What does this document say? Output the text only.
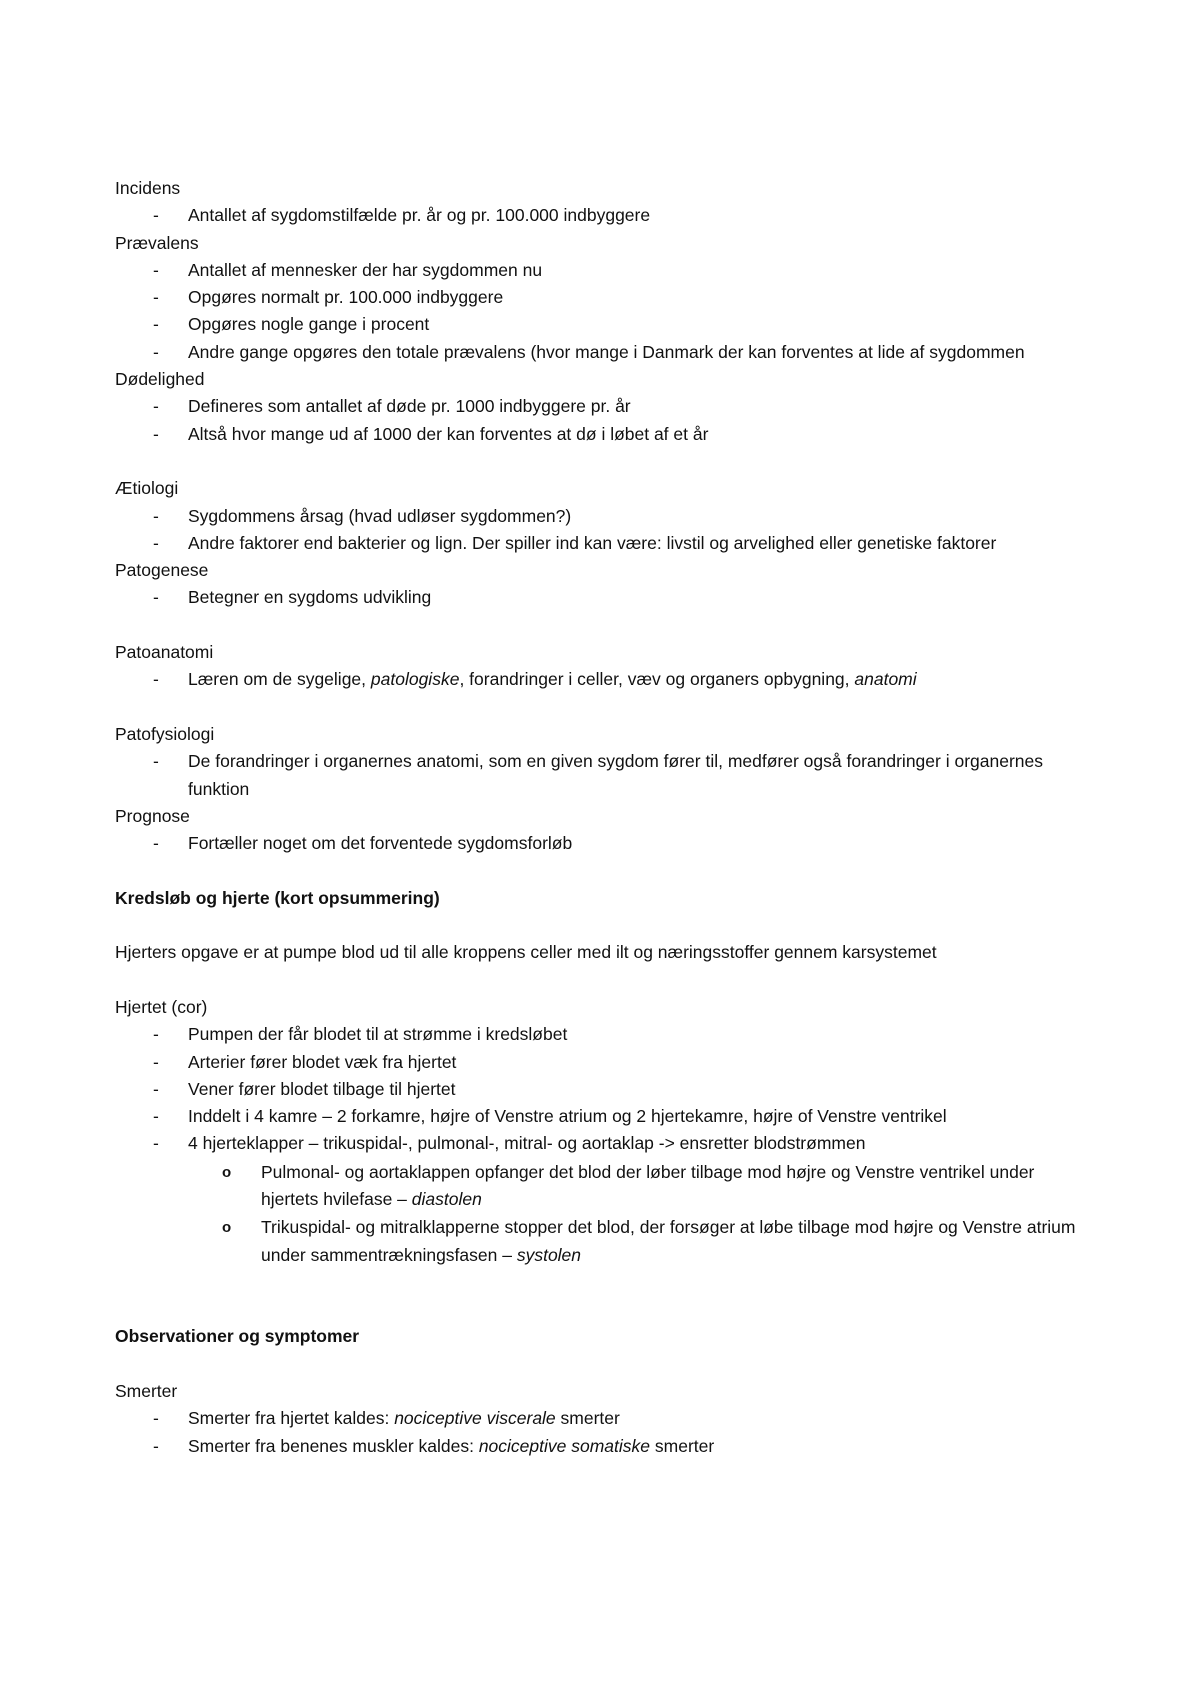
Incidens

- Antallet af sygdomstilfælde pr. år og pr. 100.000 indbyggere

Prævalens

- Antallet af mennesker der har sygdommen nu
- Opgøres normalt pr. 100.000 indbyggere
- Opgøres nogle gange i procent
- Andre gange opgøres den totale prævalens (hvor mange i Danmark der kan forventes at lide af sygdommen

Dødelighed

- Defineres som antallet af døde pr. 1000 indbyggere pr. år
- Altså hvor mange ud af 1000 der kan forventes at dø i løbet af et år

Ætiologi

- Sygdommens årsag (hvad udløser sygdommen?)
- Andre faktorer end bakterier og lign. Der spiller ind kan være: livstil og arvelighed eller genetiske faktorer

Patogenese

- Betegner en sygdoms udvikling

Patoanatomi

- Læren om de sygelige, patologiske, forandringer i celler, væv og organers opbygning, anatomi

Patofysiologi

- De forandringer i organernes anatomi, som en given sygdom fører til, medfører også forandringer i organernes funktion

Prognose

- Fortæller noget om det forventede sygdomsforløb

Kredsløb og hjerte (kort opsummering)

Hjerters opgave er at pumpe blod ud til alle kroppens celler med ilt og næringsstoffer gennem karsystemet

Hjertet (cor)

- Pumpen der får blodet til at strømme i kredsløbet
- Arterier fører blodet væk fra hjertet
- Vener fører blodet tilbage til hjertet
- Inddelt i 4 kamre – 2 forkamre, højre of Venstre atrium og 2 hjertekamre, højre of Venstre ventrikel
- 4 hjerteklapper – trikuspidal-, pulmonal-, mitral- og aortaklap -> ensretter blodstrømmen
o Pulmonal- og aortaklappen opfanger det blod der løber tilbage mod højre og Venstre ventrikel under hjertets hvilefase – diastolen
o Trikuspidal- og mitralklapperne stopper det blod, der forsøger at løbe tilbage mod højre og Venstre atrium under sammentrækningsfasen – systolen

Observationer og symptomer

Smerter

- Smerter fra hjertet kaldes: nociceptive viscerale smerter
- Smerter fra benenes muskler kaldes: nociceptive somatiske smerter
